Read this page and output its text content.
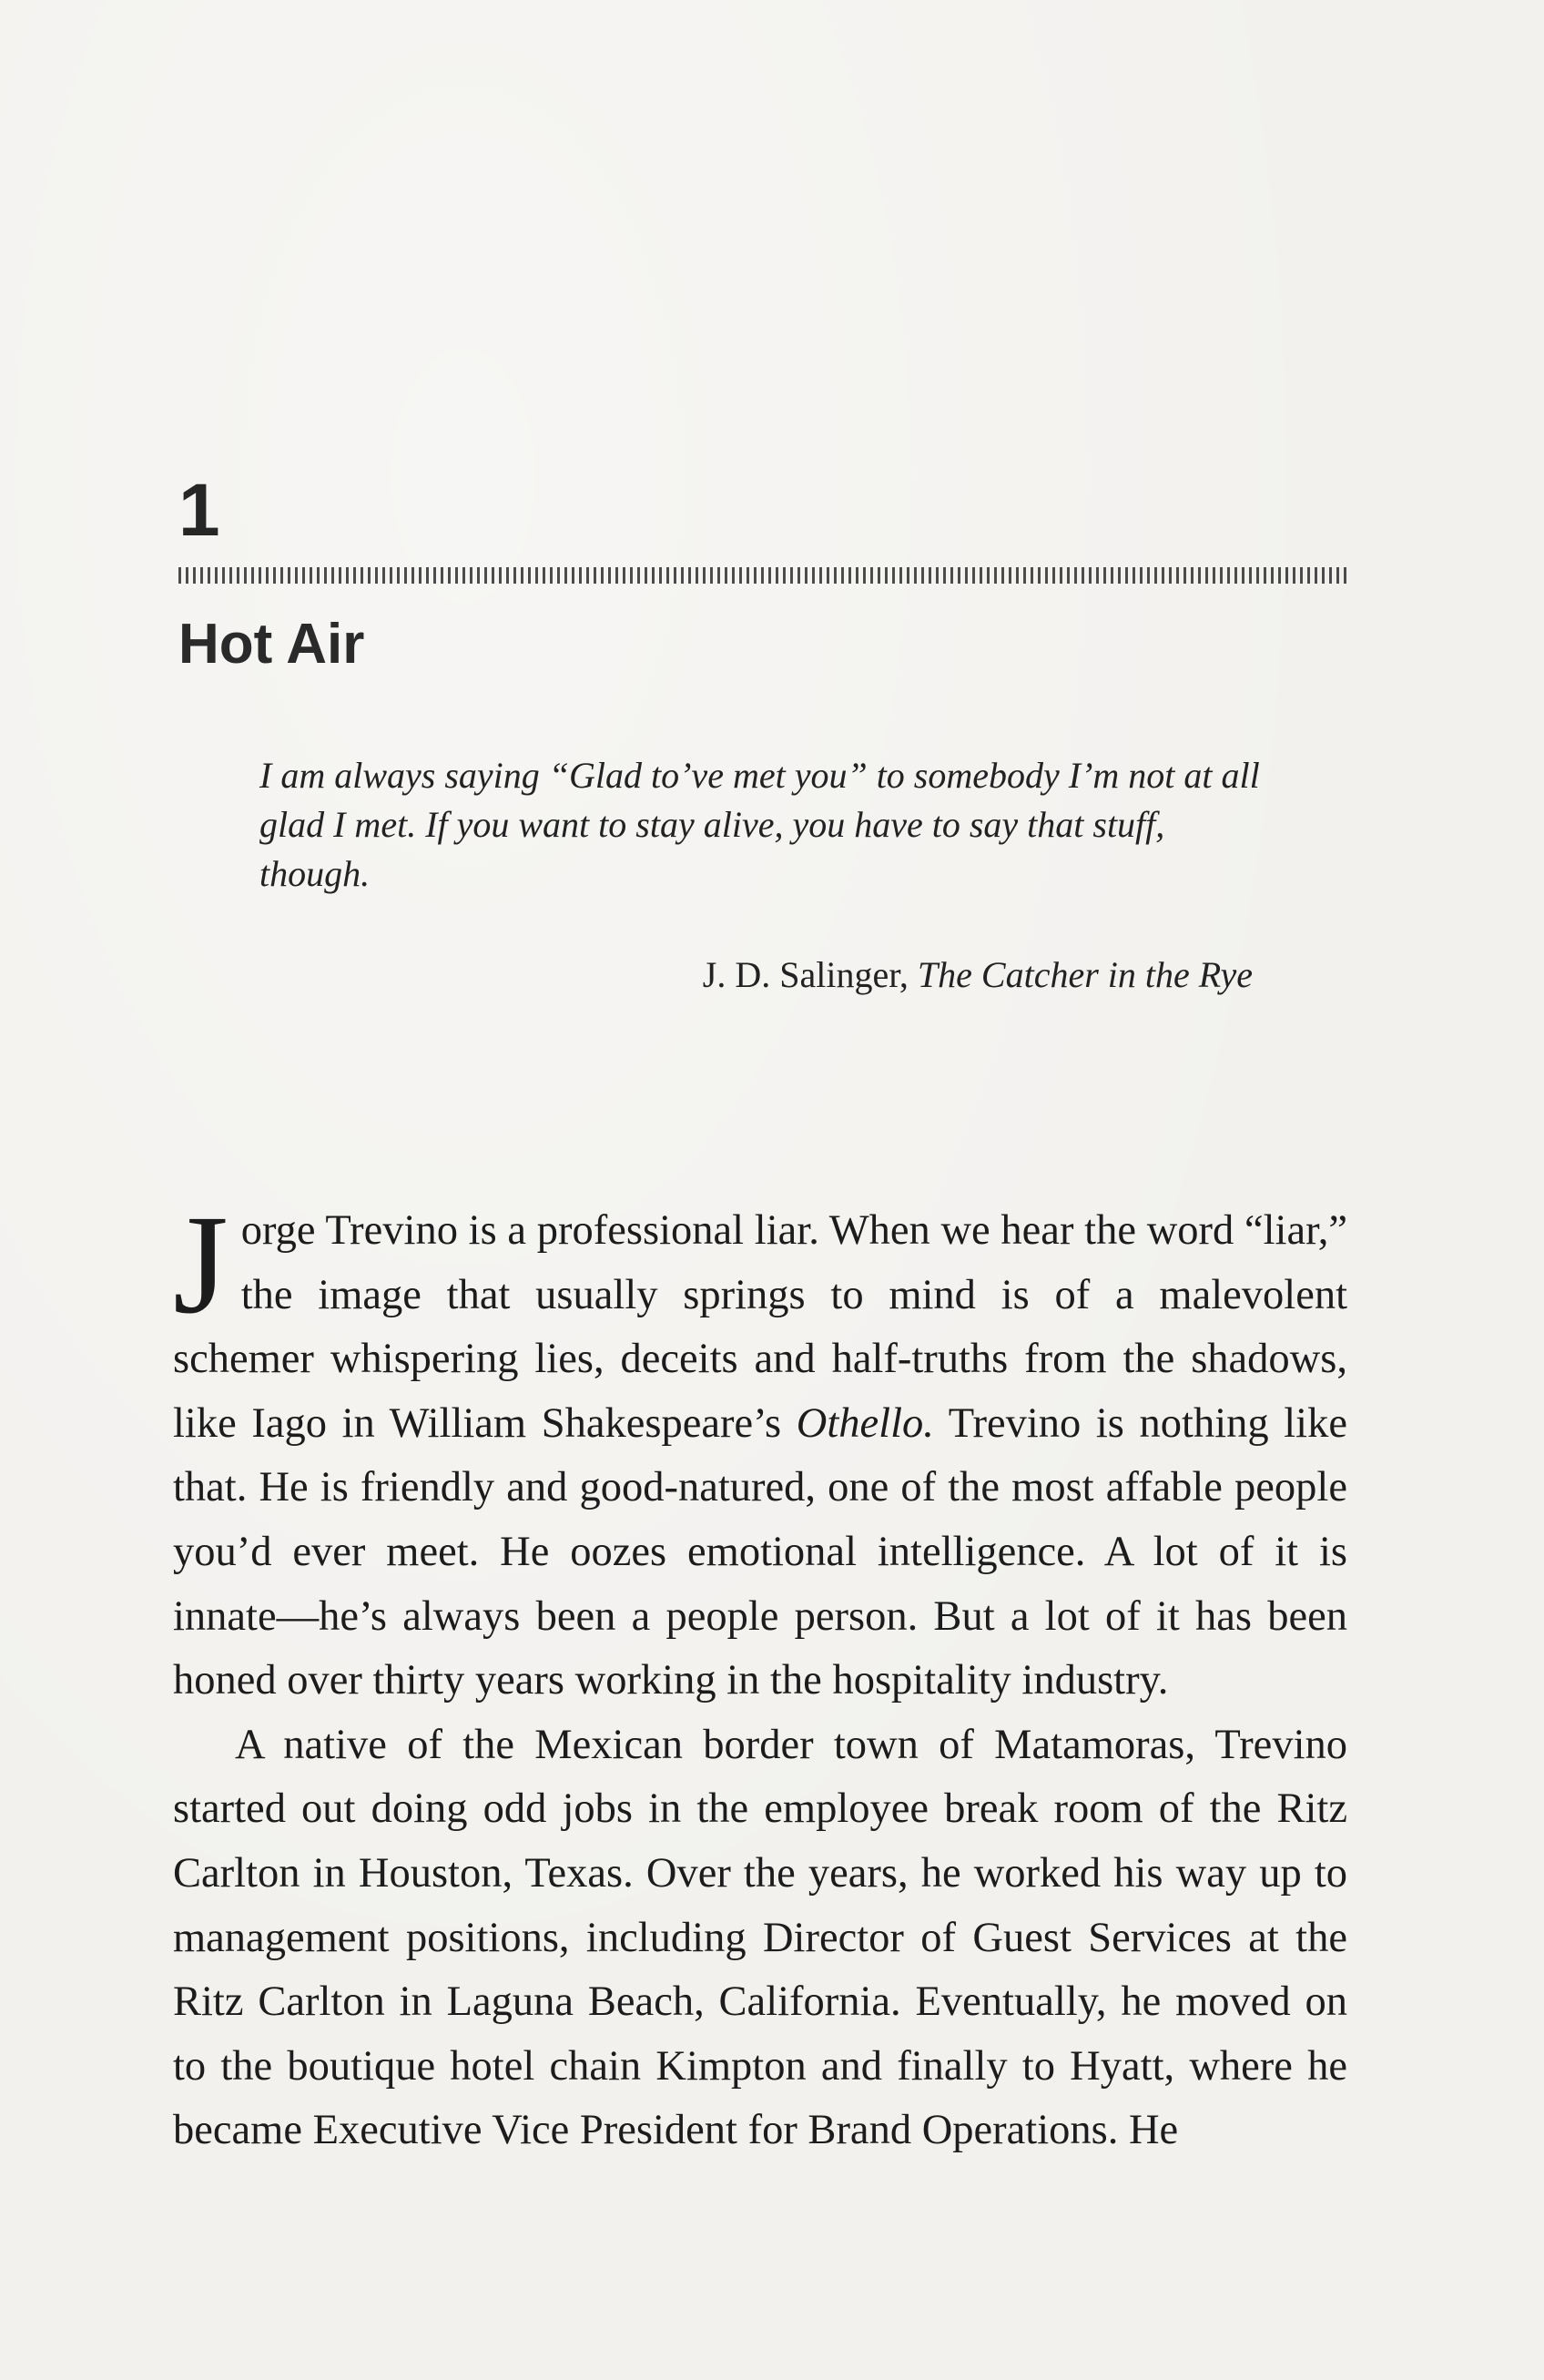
1
Hot Air

I am always saying “Glad to’ve met you” to somebody I’m not at all glad I met. If you want to stay alive, you have to say that stuff, though.

J. D. Salinger, The Catcher in the Rye

Jorge Trevino is a professional liar. When we hear the word “liar,” the image that usually springs to mind is of a malevolent schemer whispering lies, deceits and half-truths from the shadows, like Iago in William Shakespeare’s Othello. Trevino is nothing like that. He is friendly and good-natured, one of the most affable people you’d ever meet. He oozes emotional intelligence. A lot of it is innate—he’s always been a people person. But a lot of it has been honed over thirty years working in the hospitality industry.

A native of the Mexican border town of Matamoras, Trevino started out doing odd jobs in the employee break room of the Ritz Carlton in Houston, Texas. Over the years, he worked his way up to management positions, including Director of Guest Services at the Ritz Carlton in Laguna Beach, California. Eventually, he moved on to the boutique hotel chain Kimpton and finally to Hyatt, where he became Executive Vice President for Brand Operations. He
